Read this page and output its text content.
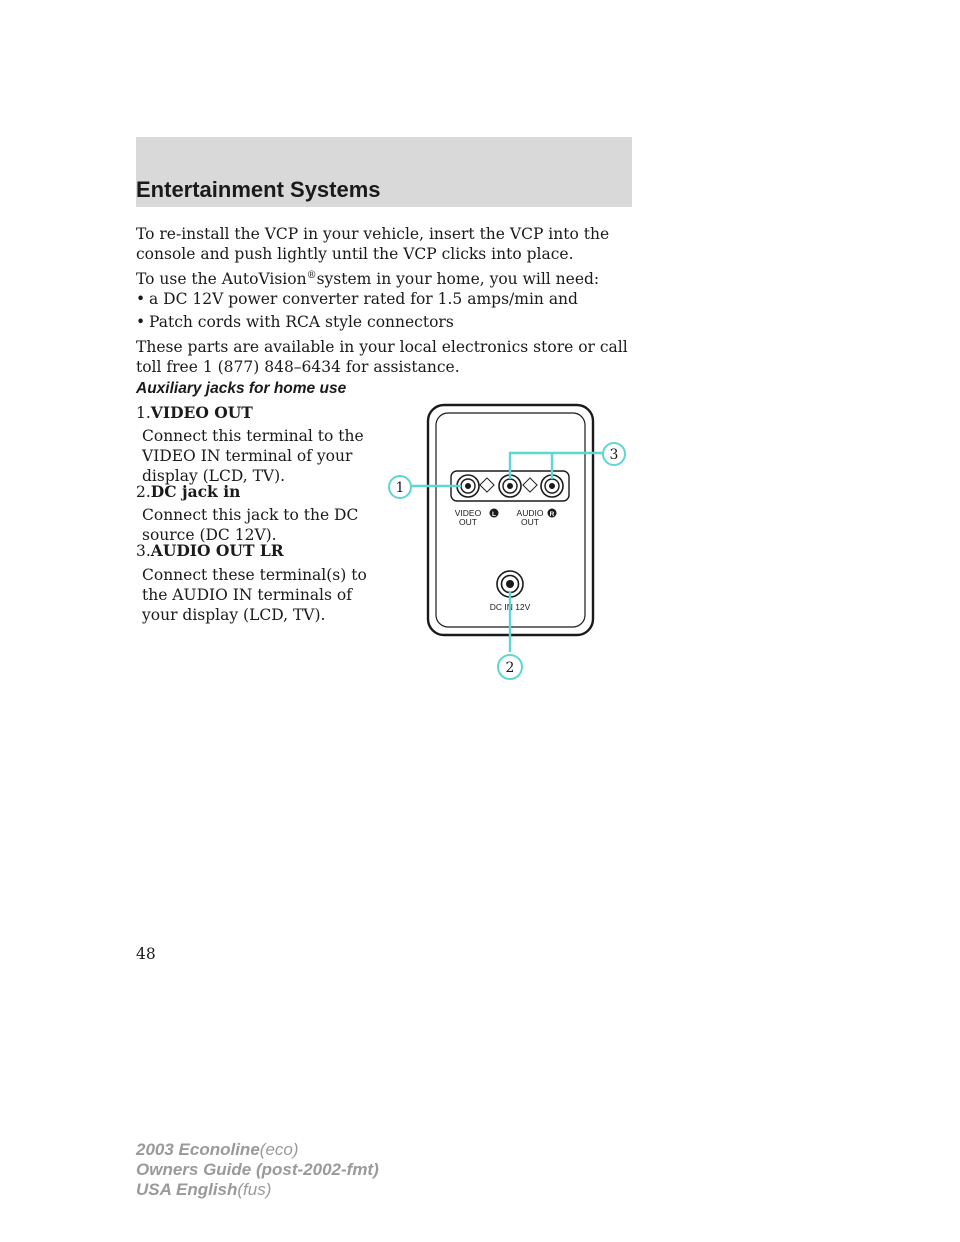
Entertainment Systems
To re-install the VCP in your vehicle, insert the VCP into the console and push lightly until the VCP clicks into place.
To use the AutoVision®system in your home, you will need:
• a DC 12V power converter rated for 1.5 amps/min and
• Patch cords with RCA style connectors
These parts are available in your local electronics store or call toll free 1 (877) 848–6434 for assistance.
Auxiliary jacks for home use
1.VIDEO OUT
Connect this terminal to the VIDEO IN terminal of your display (LCD, TV).
2.DC jack in
Connect this jack to the DC source (DC 12V).
3.AUDIO OUT LR
Connect these terminal(s) to the AUDIO IN terminals of your display (LCD, TV).
VIDEO
OUT
L AUDIO
OUT
R
DC IN 12V
1
3
2
48
2003 Econoline(eco)
Owners Guide (post-2002-fmt)
USA English(fus)
